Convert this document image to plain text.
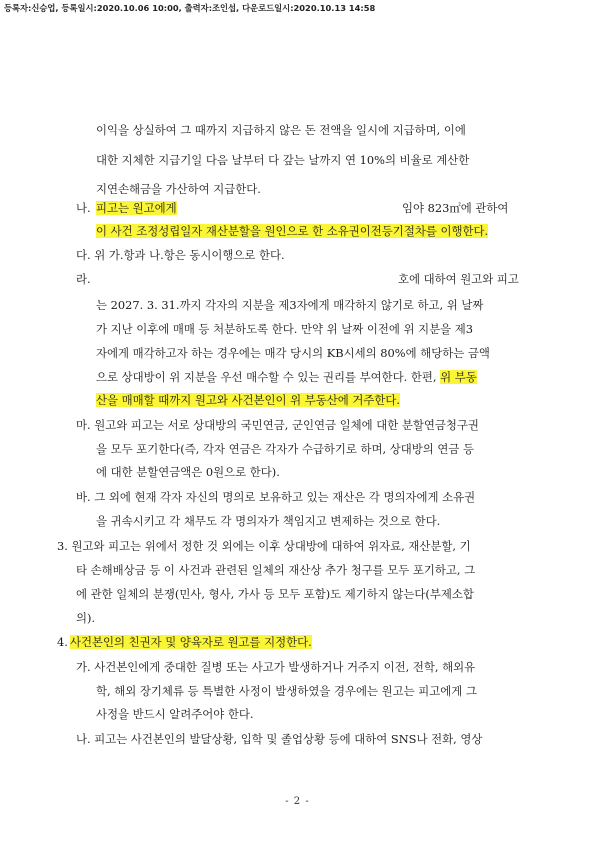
등록자:신승업, 등록일시:2020.10.06 10:00, 출력자:조인섭, 다운로드일시:2020.10.13 14:58
이익을 상실하여 그 때까지 지급하지 않은 돈 전액을 일시에 지급하며, 이에
대한 지체한 지급기일 다음 날부터 다 갚는 날까지 연 10%의 비율로 계산한
지연손해금을 가산하여 지급한다.
나. 피고는 원고에게	임야 823㎡에 관하여
이 사건 조정성립일자 재산분할을 원인으로 한 소유권이전등기절차를 이행한다.
다. 위 가.항과 나.항은 동시이행으로 한다.
라.	호에 대하여 원고와 피고
는 2027. 3. 31.까지 각자의 지분을 제3자에게 매각하지 않기로 하고, 위 날짜
가 지난 이후에 매매 등 처분하도록 한다. 만약 위 날짜 이전에 위 지분을 제3
자에게 매각하고자 하는 경우에는 매각 당시의 KB시세의 80%에 해당하는 금액
으로 상대방이 위 지분을 우선 매수할 수 있는 권리를 부여한다. 한편, 위 부동
산을 매매할 때까지 원고와 사건본인이 위 부동산에 거주한다.
마. 원고와 피고는 서로 상대방의 국민연금, 군인연금 일체에 대한 분할연금청구권
을 모두 포기한다(즉, 각자 연금은 각자가 수급하기로 하며, 상대방의 연금 등
에 대한 분할연금액은 0원으로 한다).
바. 그 외에 현재 각자 자신의 명의로 보유하고 있는 재산은 각 명의자에게 소유권
을 귀속시키고 각 채무도 각 명의자가 책임지고 변제하는 것으로 한다.
3. 원고와 피고는 위에서 정한 것 외에는 이후 상대방에 대하여 위자료, 재산분할, 기
타 손해배상금 등 이 사건과 관련된 일체의 재산상 추가 청구를 모두 포기하고, 그
에 관한 일체의 분쟁(민사, 형사, 가사 등 모두 포함)도 제기하지 않는다(부제소합
의).
4. 사건본인의 친권자 및 양육자로 원고를 지정한다.
가. 사건본인에게 중대한 질병 또는 사고가 발생하거나 거주지 이전, 전학, 해외유
학, 해외 장기체류 등 특별한 사정이 발생하였을 경우에는 원고는 피고에게 그
사정을 반드시 알려주어야 한다.
나. 피고는 사건본인의 발달상황, 입학 및 졸업상황 등에 대하여 SNS나 전화, 영상
- 2 -
